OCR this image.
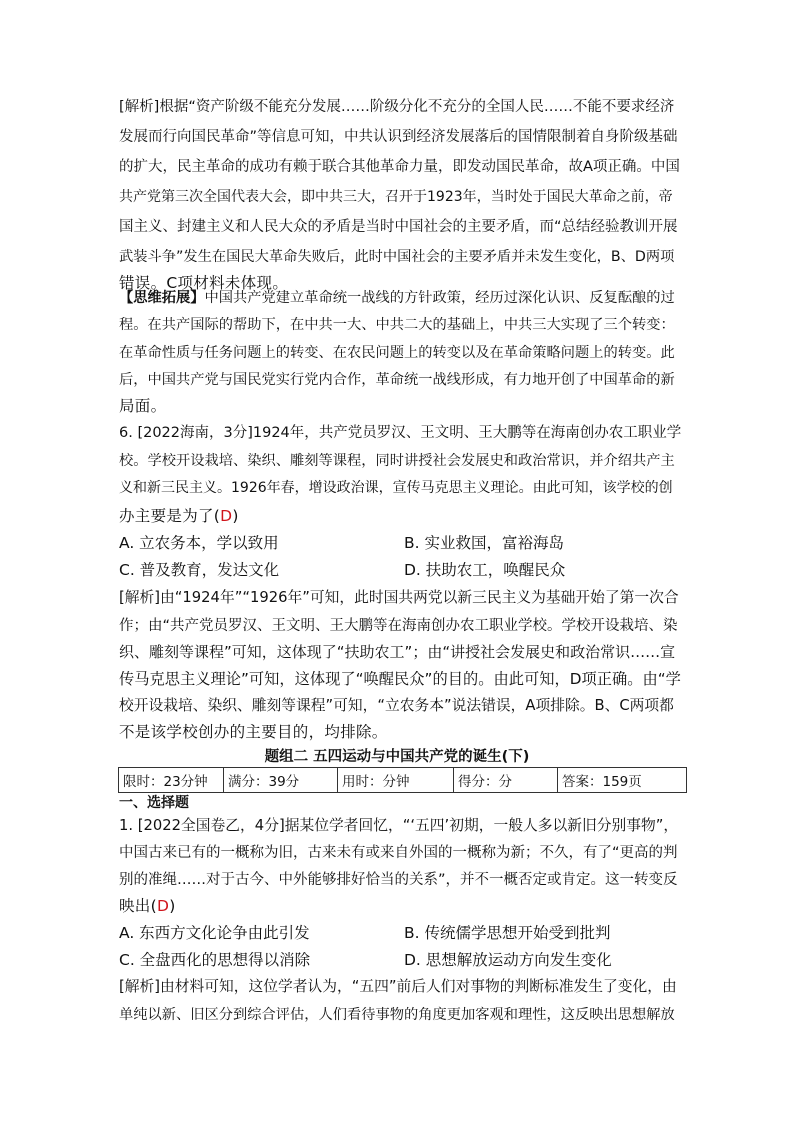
[解析]根据“资产阶级不能充分发展……阶级分化不充分的全国人民……不能不要求经济

发展而行向国民革命”等信息可知，中共认识到经济发展落后的国情限制着自身阶级基础

的扩大，民主革命的成功有赖于联合其他革命力量，即发动国民革命，故A项正确。中国

共产党第三次全国代表大会，即中共三大，召开于1923年，当时处于国民大革命之前，帝

国主义、封建主义和人民大众的矛盾是当时中国社会的主要矛盾，而“总结经验教训开展

武装斗争”发生在国民大革命失败后，此时中国社会的主要矛盾并未发生变化，B、D两项

错误。C项材料未体现。

【思维拓展】中国共产党建立革命统一战线的方针政策，经历过深化认识、反复酝酿的过

程。在共产国际的帮助下，在中共一大、中共二大的基础上，中共三大实现了三个转变：

在革命性质与任务问题上的转变、在农民问题上的转变以及在革命策略问题上的转变。此

后，中国共产党与国民党实行党内合作，革命统一战线形成，有力地开创了中国革命的新

局面。

6. [2022海南，3分]1924年，共产党员罗汉、王文明、王大鹏等在海南创办农工职业学

校。学校开设栽培、染织、雕刻等课程，同时讲授社会发展史和政治常识，并介绍共产主

义和新三民主义。1926年春，增设政治课，宣传马克思主义理论。由此可知，该学校的创

办主要是为了(D)

A. 立农务本，学以致用	B. 实业救国，富裕海岛
C. 普及教育，发达文化	D. 扶助农工，唤醒民众

[解析]由“1924年”“1926年”可知，此时国共两党以新三民主义为基础开始了第一次合

作；由“共产党员罗汉、王文明、王大鹏等在海南创办农工职业学校。学校开设栽培、染

织、雕刻等课程”可知，这体现了“扶助农工”；由“讲授社会发展史和政治常识……宣

传马克思主义理论”可知，这体现了“唤醒民众”的目的。由此可知，D项正确。由“学

校开设栽培、染织、雕刻等课程”可知，“立农务本”说法错误，A项排除。B、C两项都

不是该学校创办的主要目的，均排除。

题组二 五四运动与中国共产党的诞生(下)
限时：23分钟	满分：39分	用时：分钟	得分：分	答案：159页
一、选择题

1. [2022全国卷乙，4分]据某位学者回忆，“‘五四’初期，一般人多以新旧分别事物”，

中国古来已有的一概称为旧，古来未有或来自外国的一概称为新；不久，有了“更高的判

别的准绳……对于古今、中外能够排好恰当的关系”，并不一概否定或肯定。这一转变反

映出(D)

A. 东西方文化论争由此引发	B. 传统儒学思想开始受到批判
C. 全盘西化的思想得以消除	D. 思想解放运动方向发生变化

[解析]由材料可知，这位学者认为，“五四”前后人们对事物的判断标准发生了变化，由

单纯以新、旧区分到综合评估，人们看待事物的角度更加客观和理性，这反映出思想解放
